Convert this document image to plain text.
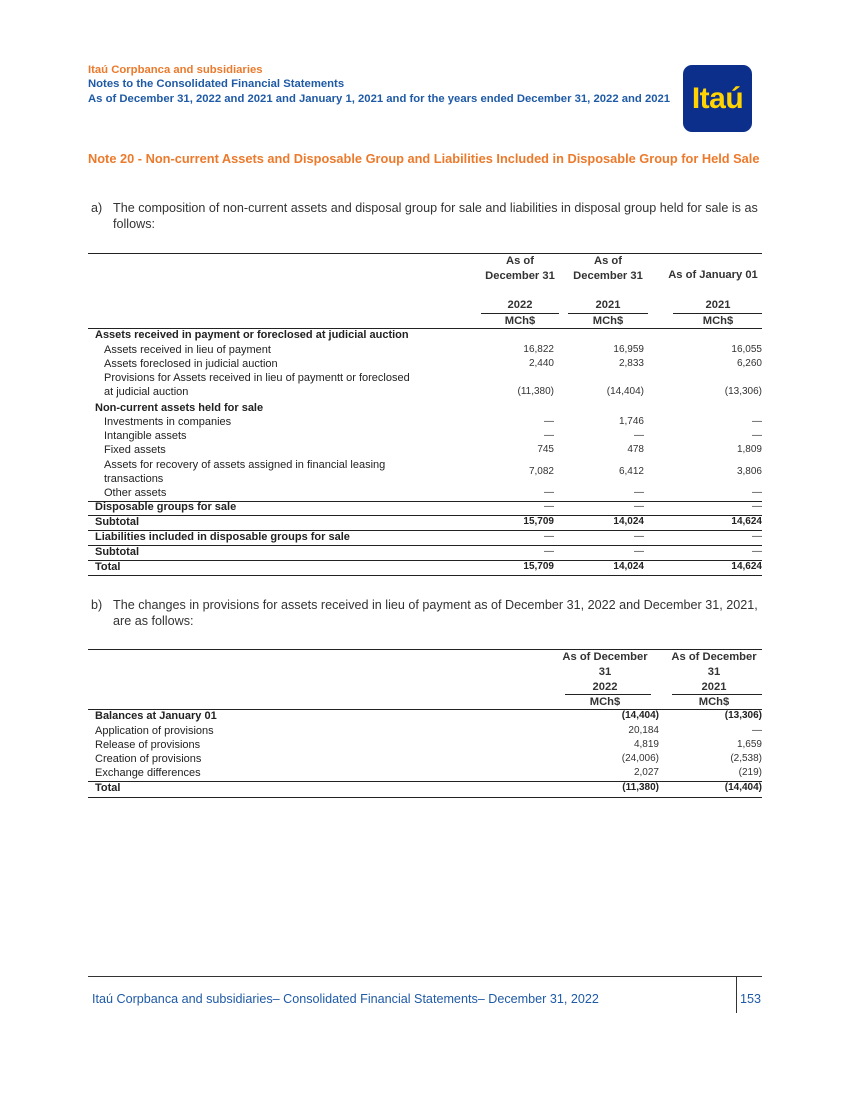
Itaú Corpbanca and subsidiaries
Notes to the Consolidated Financial Statements
As of December 31, 2022 and 2021 and January 1, 2021 and for the years ended December 31, 2022 and 2021 Itaú
Note 20 - Non-current Assets and Disposable Group and Liabilities Included in Disposable Group for Held Sale
a) The composition of non-current assets and disposal group for sale and liabilities in disposal group held for sale is as follows:
As of December 31
As of December 31	As of January 01
2022	2021	2021
MCh$	MCh$	MCh$
Assets received in payment or foreclosed at judicial auction
Assets received in lieu of payment	16,822	16,959	16,055
Assets foreclosed in judicial auction	2,440	2,833	6,260
Provisions for Assets received in lieu of paymentt or foreclosed
at judicial auction	(11,380)	(14,404)	(13,306)
Non-current assets held for sale
Investments in companies	—	1,746	—
Intangible assets	—	—	—
Fixed assets	745	478	1,809
Assets for recovery of assets assigned in financial leasing
transactions
7,082	6,412	3,806
Other assets	—	—	—
Disposable groups for sale	—	—	—
Subtotal	15,709	14,024	14,624
Liabilities included in disposable groups for sale	—	—	—
Subtotal	—	—	—
Total	15,709	14,024	14,624
b) The changes in provisions for assets received in lieu of payment as of December 31, 2022 and December 31, 2021, are as follows:
As of December 31
As of December 31
2022	2021
MCh$	MCh$
Balances at January 01	(14,404)	(13,306)
Application of provisions	20,184	—
Release of provisions	4,819	1,659
Creation of provisions	(24,006)	(2,538)
Exchange differences	2,027	(219)
Total	(11,380)	(14,404)
Itaú Corpbanca and subsidiaries– Consolidated Financial Statements– December 31, 2022	153
